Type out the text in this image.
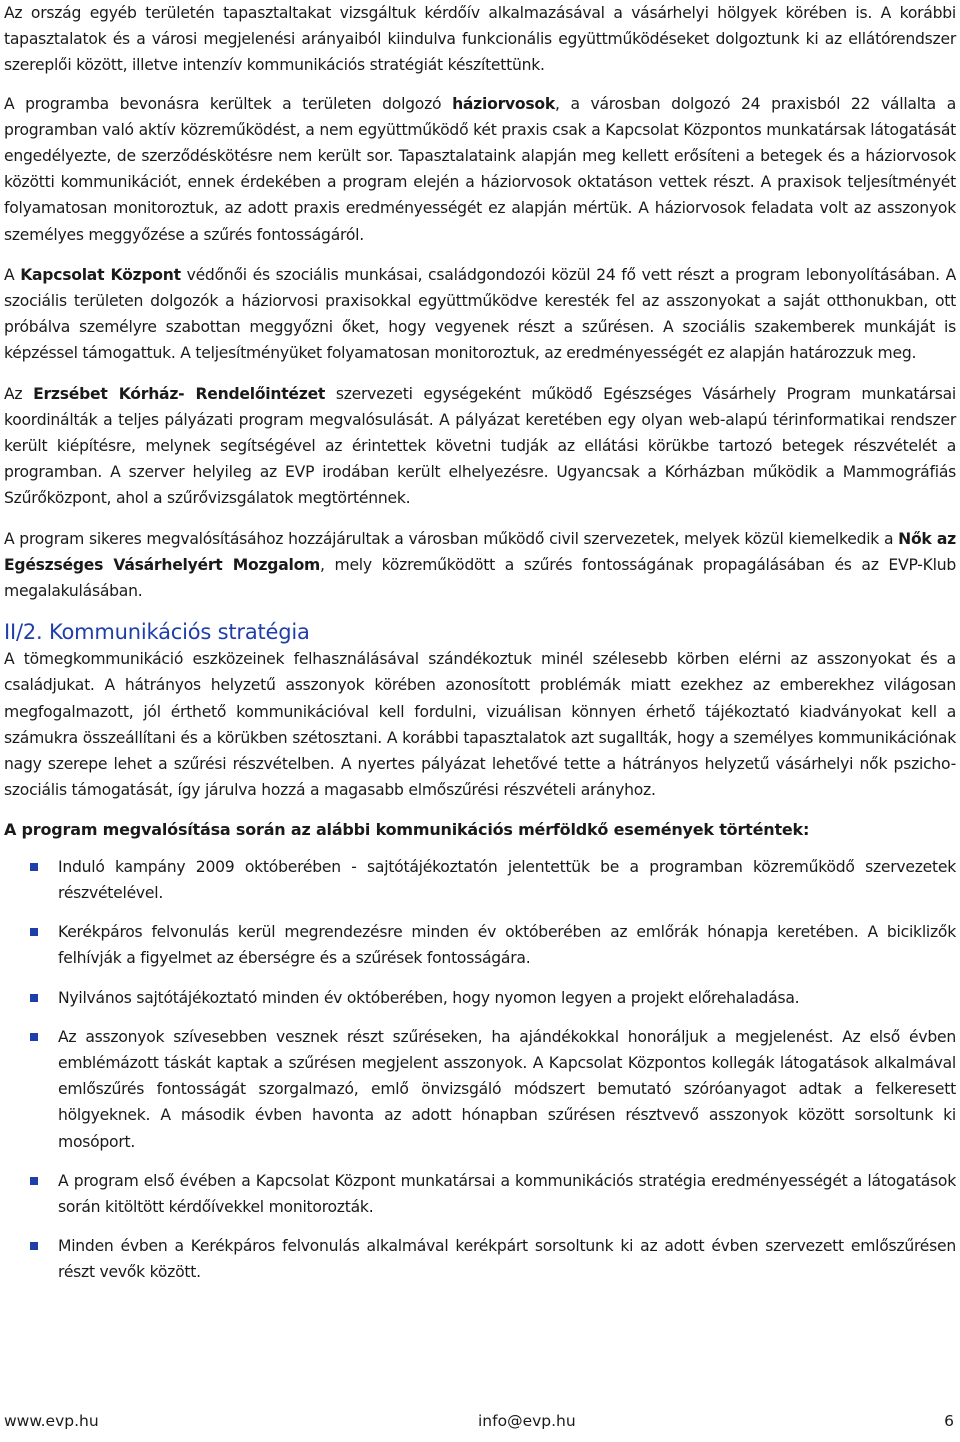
Az ország egyéb területén tapasztaltakat vizsgáltuk kérdőív alkalmazásával a vásárhelyi hölgyek körében is. A korábbi tapasztalatok és a városi megjelenési arányaiból kiindulva funkcionális együttműködéseket dolgoztunk ki az ellátórendszer szereplői között, illetve intenzív kommunikációs stratégiát készítettünk.

A programba bevonásra kerültek a területen dolgozó háziorvosok, a városban dolgozó 24 praxisból 22 vállalta a programban való aktív közreműködést, a nem együttműködő két praxis csak a Kapcsolat Központos munkatársak látogatását engedélyezte, de szerződéskötésre nem került sor. Tapasztalataink alapján meg kellett erősíteni a betegek és a háziorvosok közötti kommunikációt, ennek érdekében a program elején a háziorvosok oktatáson vettek részt. A praxisok teljesítményét folyamatosan monitoroztuk, az adott praxis eredményességét ez alapján mértük. A háziorvosok feladata volt az asszonyok személyes meggyőzése a szűrés fontosságáról.

A Kapcsolat Központ védőnői és szociális munkásai, családgondozói közül 24 fő vett részt a program lebonyolításában. A szociális területen dolgozók a háziorvosi praxisokkal együttműködve keresték fel az asszonyokat a saját otthonukban, ott próbálva személyre szabottan meggyőzni őket, hogy vegyenek részt a szűrésen. A szociális szakemberek munkáját is képzéssel támogattuk. A teljesítményüket folyamatosan monitoroztuk, az eredményességét ez alapján határozzuk meg.

Az Erzsébet Kórház- Rendelőintézet szervezeti egységeként működő Egészséges Vásárhely Program munkatársai koordinálták a teljes pályázati program megvalósulását. A pályázat keretében egy olyan web-alapú térinformatikai rendszer került kiépítésre, melynek segítségével az érintettek követni tudják az ellátási körükbe tartozó betegek részvételét a programban. A szerver helyileg az EVP irodában került elhelyezésre. Ugyancsak a Kórházban működik a Mammográfiás Szűrőközpont, ahol a szűrővizsgálatok megtörténnek.

A program sikeres megvalósításához hozzájárultak a városban működő civil szervezetek, melyek közül kiemelkedik a Nők az Egészséges Vásárhelyért Mozgalom, mely közreműködött a szűrés fontosságának propagálásában és az EVP-Klub megalakulásában.

II/2. Kommunikációs stratégia

A tömegkommunikáció eszközeinek felhasználásával szándékoztuk minél szélesebb körben elérni az asszonyokat és a családjukat. A hátrányos helyzetű asszonyok körében azonosított problémák miatt ezekhez az emberekhez világosan megfogalmazott, jól érthető kommunikációval kell fordulni, vizuálisan könnyen érhető tájékoztató kiadványokat kell a számukra összeállítani és a körükben szétosztani. A korábbi tapasztalatok azt sugallták, hogy a személyes kommunikációnak nagy szerepe lehet a szűrési részvételben. A nyertes pályázat lehetővé tette a hátrányos helyzetű vásárhelyi nők pszicho-szociális támogatását, így járulva hozzá a magasabb elmőszűrési részvételi arányhoz.

A program megvalósítása során az alábbi kommunikációs mérföldkő események történtek:

Induló kampány 2009 októberében - sajtótájékoztatón jelentettük be a programban közreműködő szervezetek részvételével.
Kerékpáros felvonulás kerül megrendezésre minden év októberében az emlőrák hónapja keretében. A biciklizők felhívják a figyelmet az éberségre és a szűrések fontosságára.
Nyilvános sajtótájékoztató minden év októberében, hogy nyomon legyen a projekt előrehaladása.
Az asszonyok szívesebben vesznek részt szűréseken, ha ajándékokkal honoráljuk a megjelenést. Az első évben emblémázott táskát kaptak a szűrésen megjelent asszonyok. A Kapcsolat Központos kollegák látogatások alkalmával emlőszűrés fontosságát szorgalmazó, emlő önvizsgáló módszert bemutató szóróanyagot adtak a felkeresett hölgyeknek. A második évben havonta az adott hónapban szűrésen résztvevő asszonyok között sorsoltunk ki mosóport.
A program első évében a Kapcsolat Központ munkatársai a kommunikációs stratégia eredményességét a látogatások során kitöltött kérdőívekkel monitorozták.
Minden évben a Kerékpáros felvonulás alkalmával kerékpárt sorsoltunk ki az adott évben szervezett emlőszűrésen részt vevők között.
www.evp.hu	info@evp.hu	6
